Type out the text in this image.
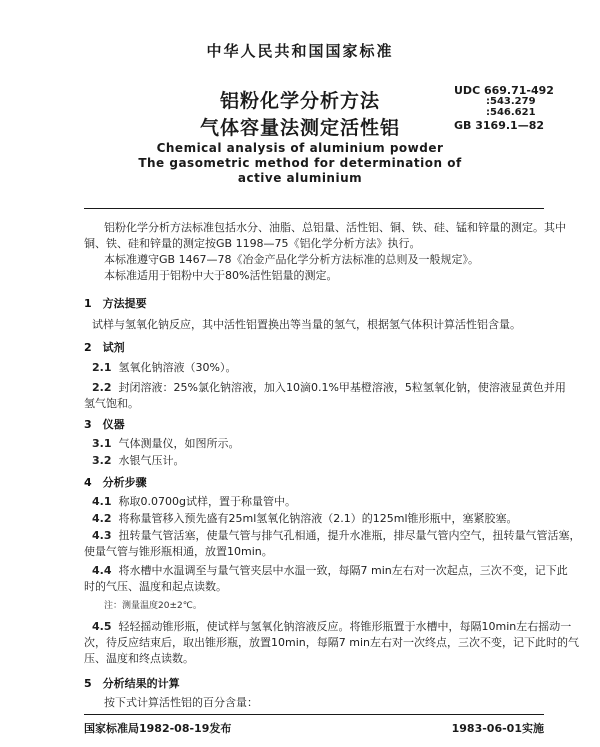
中华人民共和国国家标准
铝粉化学分析方法
气体容量法测定活性铝
UDC 669.71-492
:543.279
:546.621
GB 3169.1—82
Chemical analysis of aluminium powder
The gasometric method for determination of
active aluminium
铝粉化学分析方法标准包括水分、油脂、总铝量、活性铝、铜、铁、硅、锰和锌量的测定。其中
铜、铁、硅和锌量的测定按GB 1198—75《铝化学分析方法》执行。
本标准遵守GB 1467—78《冶金产品化学分析方法标准的总则及一般规定》。
本标准适用于铝粉中大于80%活性铝量的测定。
1　方法提要
试样与氢氧化钠反应，其中活性铝置换出等当量的氢气，根据氢气体积计算活性铝含量。
2　试剂
2.1 氢氧化钠溶液（30%）。
2.2 封闭溶液：25%氯化钠溶液，加入10滴0.1%甲基橙溶液，5粒氢氧化钠，使溶液显黄色并用
氢气饱和。
3　仪器
3.1 气体测量仪，如图所示。
3.2 水银气压计。
4　分析步骤
4.1 称取0.0700g试样，置于称量管中。
4.2 将称量管移入预先盛有25ml氢氧化钠溶液（2.1）的125ml锥形瓶中，塞紧胶塞。
4.3 扭转量气管活塞，使量气管与排气孔相通，提升水准瓶，排尽量气管内空气，扭转量气管活塞，
使量气管与锥形瓶相通，放置10min。
4.4 将水槽中水温调至与量气管夹层中水温一致，每隔7 min左右对一次起点，三次不变，记下此
时的气压、温度和起点读数。
注：测量温度20±2℃。
4.5 轻轻摇动锥形瓶，使试样与氢氧化钠溶液反应。将锥形瓶置于水槽中，每隔10min左右摇动一
次，待反应结束后，取出锥形瓶，放置10min，每隔7 min左右对一次终点，三次不变，记下此时的气
压、温度和终点读数。
5　分析结果的计算
按下式计算活性铝的百分含量：
国家标准局1982-08-19发布	1983-06-01实施
